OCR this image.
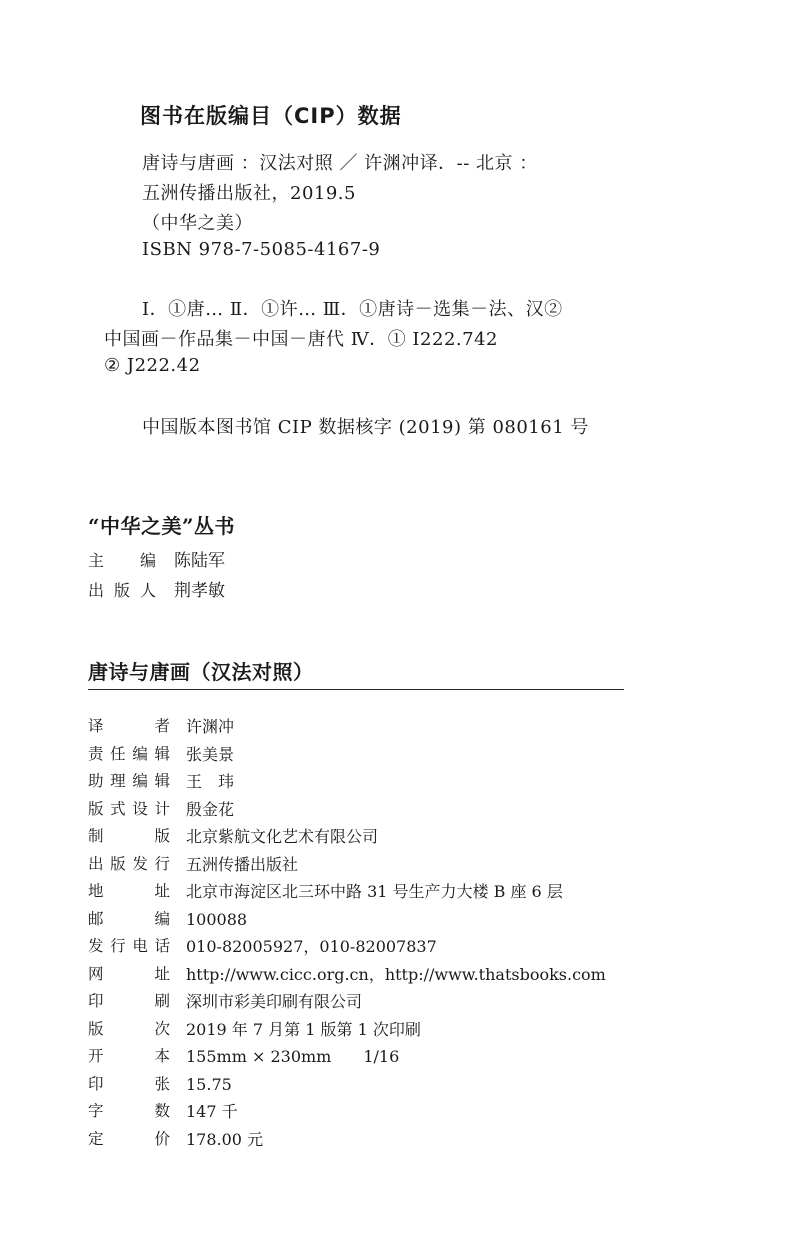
图书在版编目（CIP）数据
唐诗与唐画 ：汉法对照 ／ 许渊冲译．-- 北京 ：
五洲传播出版社，2019.5
（中华之美）
ISBN 978-7-5085-4167-9
Ⅰ．①唐… Ⅱ．①许… Ⅲ．①唐诗－选集－法、汉②
中国画－作品集－中国－唐代 Ⅳ．① I222.742
② J222.42
中国版本图书馆 CIP 数据核字 (2019) 第 080161 号
“中华之美”丛书
主编 陈陆军
出版人 荆孝敏
唐诗与唐画（汉法对照）
译者 许渊冲
责任编辑 张美景
助理编辑 王　玮
版式设计 殷金花
制版 北京紫航文化艺术有限公司
出版发行 五洲传播出版社
地址 北京市海淀区北三环中路 31 号生产力大楼 B 座 6 层
邮编 100088
发行电话 010-82005927，010-82007837
网址 http://www.cicc.org.cn，http://www.thatsbooks.com
印刷 深圳市彩美印刷有限公司
版次 2019 年 7 月第 1 版第 1 次印刷
开本 155mm × 230mm　　1/16
印张 15.75
字数 147 千
定价 178.00 元
